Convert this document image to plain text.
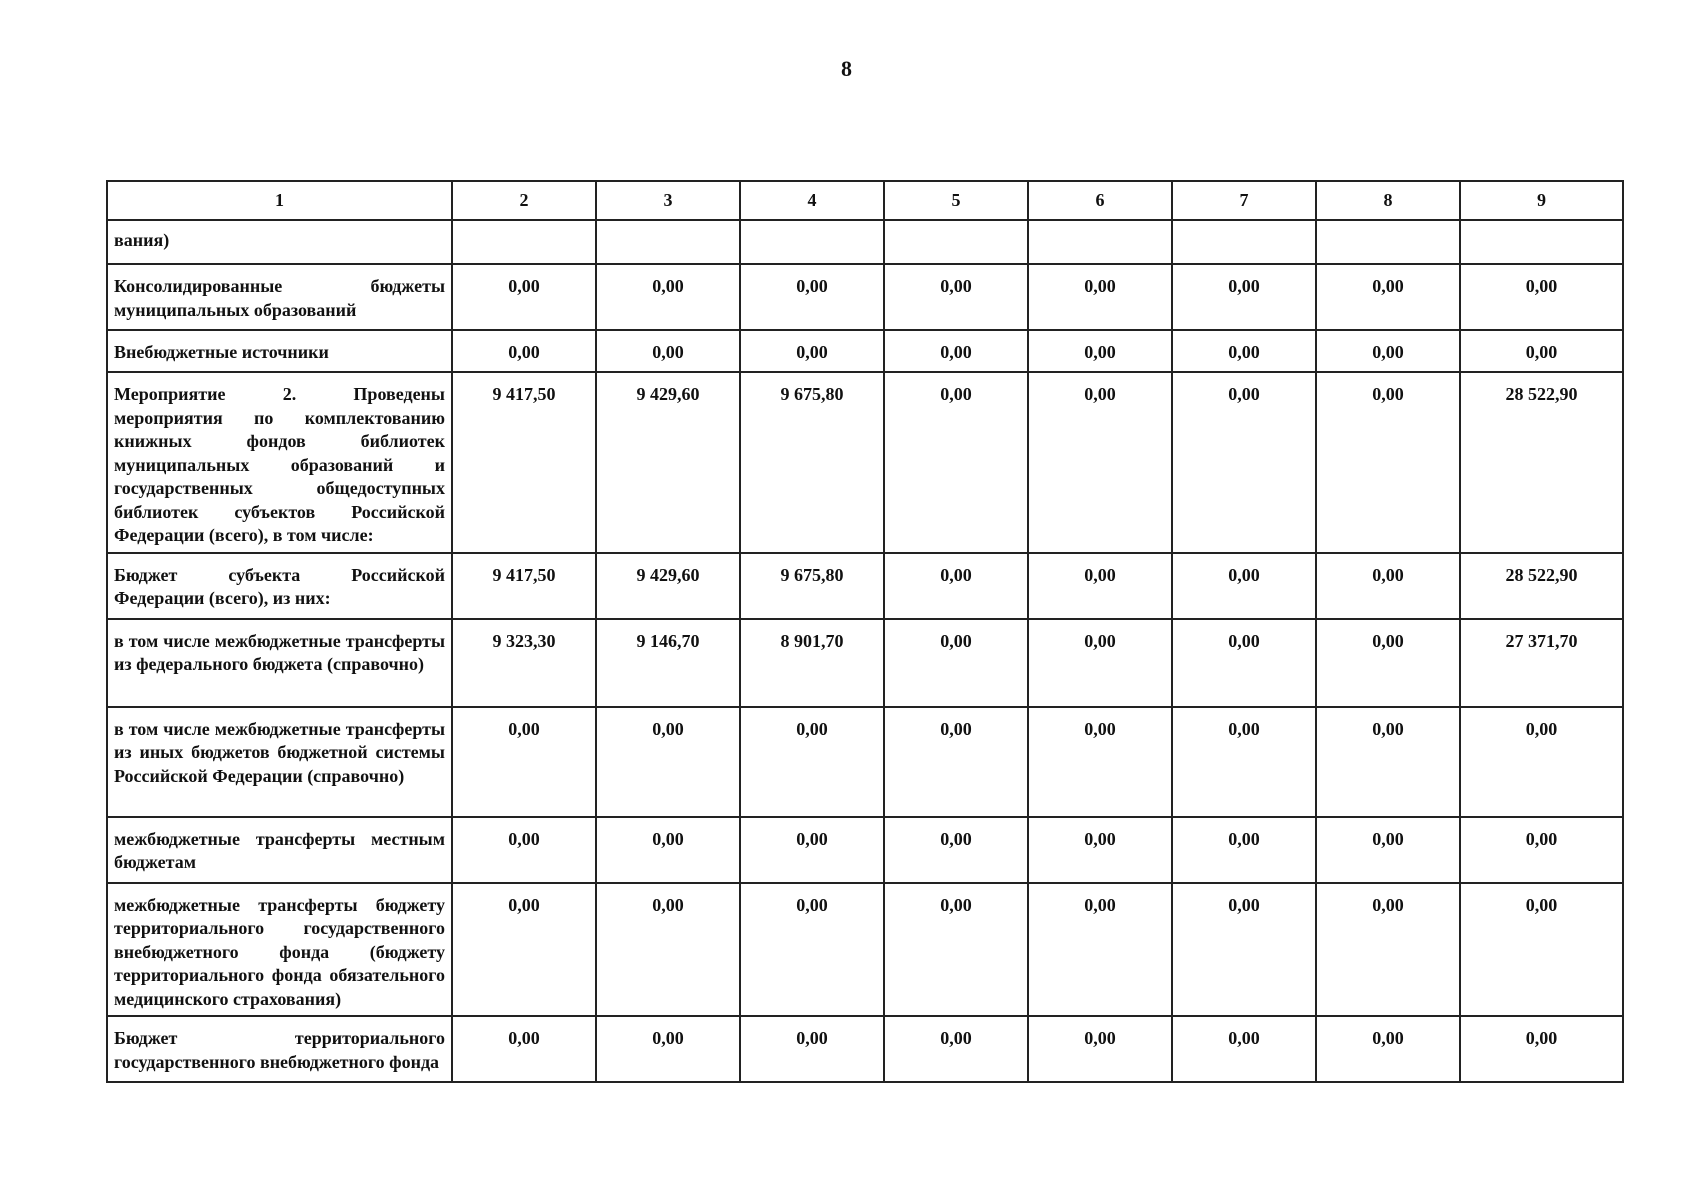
8
1	2	3	4	5	6	7	8	9
вания)								
Консолидированные бюджеты муниципальных образований	0,00	0,00	0,00	0,00	0,00	0,00	0,00	0,00
Внебюджетные источники	0,00	0,00	0,00	0,00	0,00	0,00	0,00	0,00
Мероприятие 2. Проведены мероприятия по комплектованию книжных фондов библиотек муниципальных образований и государственных общедоступных библиотек субъектов Российской Федерации (всего), в том числе:	9 417,50	9 429,60	9 675,80	0,00	0,00	0,00	0,00	28 522,90
Бюджет субъекта Российской Федерации (всего), из них:	9 417,50	9 429,60	9 675,80	0,00	0,00	0,00	0,00	28 522,90
в том числе межбюджетные трансферты из федерального бюджета (справочно)	9 323,30	9 146,70	8 901,70	0,00	0,00	0,00	0,00	27 371,70
в том числе межбюджетные трансферты из иных бюджетов бюджетной системы Российской Федерации (справочно)	0,00	0,00	0,00	0,00	0,00	0,00	0,00	0,00
межбюджетные трансферты местным бюджетам	0,00	0,00	0,00	0,00	0,00	0,00	0,00	0,00
межбюджетные трансферты бюджету территориального государственного внебюджетного фонда (бюджету территориального фонда обязательного медицинского страхования)	0,00	0,00	0,00	0,00	0,00	0,00	0,00	0,00
Бюджет территориального государственного внебюджетного фонда	0,00	0,00	0,00	0,00	0,00	0,00	0,00	0,00
